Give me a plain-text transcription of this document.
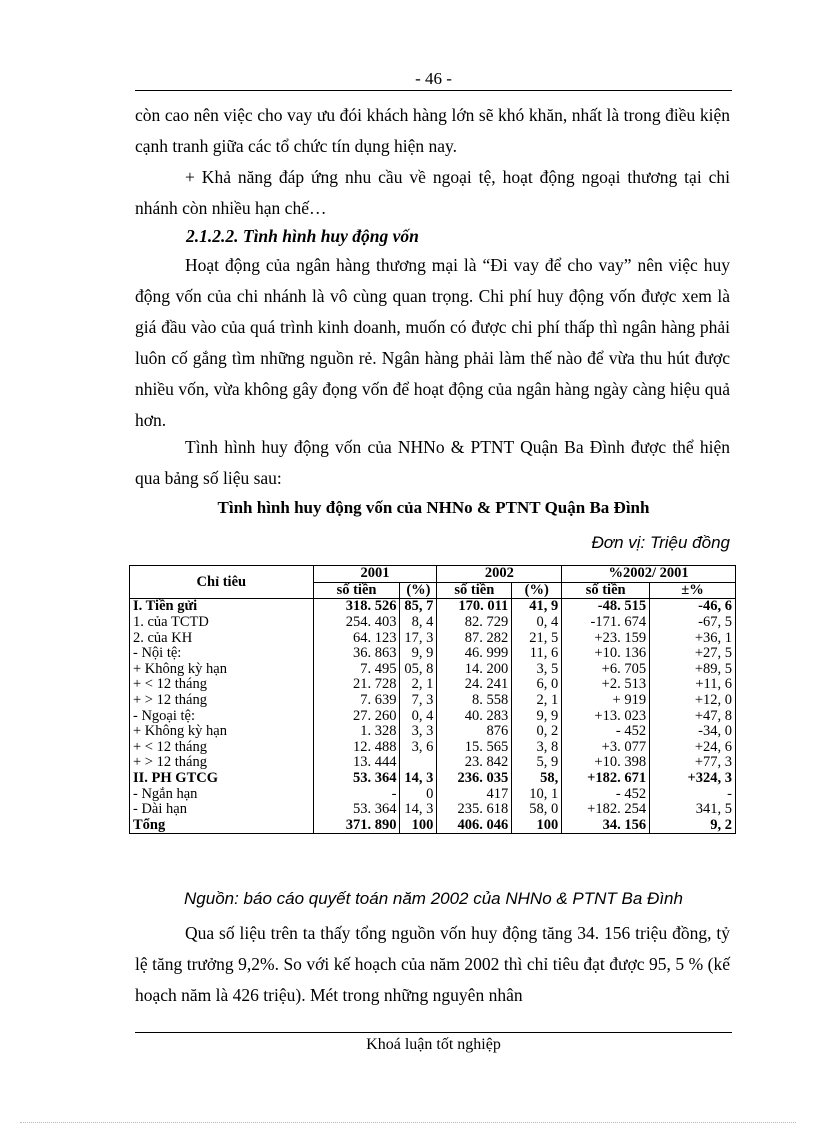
- 46 -

còn cao nên việc cho vay ưu đói khách hàng lớn sẽ khó khăn, nhất là trong điều kiện cạnh tranh giữa các tổ chức tín dụng hiện nay.

+ Khả năng đáp ứng nhu cầu về ngoại tệ, hoạt động ngoại thương tại chi nhánh còn nhiều hạn chế…

2.1.2.2. Tình hình huy động vốn

Hoạt động của ngân hàng thương mại là “Đi vay để cho vay” nên việc huy động vốn của chi nhánh là vô cùng quan trọng. Chi phí huy động vốn được xem là giá đầu vào của quá trình kinh doanh, muốn có được chi phí thấp thì ngân hàng phải luôn cố gắng tìm những nguồn rẻ. Ngân hàng phải làm thế nào để vừa thu hút được nhiều vốn, vừa không gây đọng vốn để hoạt động của ngân hàng ngày càng hiệu quả hơn.

Tình hình huy động vốn của NHNo & PTNT Quận Ba Đình được thể hiện qua bảng số liệu sau:

Tình hình huy động vốn của NHNo & PTNT Quận Ba Đình
Đơn vị: Triệu đồng
Chỉ tiêu	2001		2002		%2002/ 2001	
	số tiền	(%)	số tiền	(%)	số tiền	±%
I. Tiền gửi	318. 526	85, 7	170. 011	41, 9	-48. 515	-46, 6
1. của TCTD	254. 403	8, 4	82. 729	0, 4	-171. 674	-67, 5
2. của KH	64. 123	17, 3	87. 282	21, 5	+23. 159	+36, 1
- Nội tệ:	36. 863	9, 9	46. 999	11, 6	+10. 136	+27, 5
+ Không kỳ hạn	7. 495	05, 8	14. 200	3, 5	+6. 705	+89, 5
+ < 12 tháng	21. 728	2, 1	24. 241	6, 0	+2. 513	+11, 6
+ > 12 tháng	7. 639	7, 3	8. 558	2, 1	+ 919	+12, 0
- Ngoại tệ:	27. 260	0, 4	40. 283	9, 9	+13. 023	+47, 8
+ Không kỳ hạn	1. 328	3, 3	876	0, 2	- 452	-34, 0
+ < 12 tháng	12. 488	3, 6	15. 565	3, 8	+3. 077	+24, 6
+ > 12 tháng	13. 444		23. 842	5, 9	+10. 398	+77, 3
II. PH GTCG	53. 364	14, 3	236. 035	58,	+182. 671	+324, 3
- Ngắn hạn	-	0	417	10, 1	- 452	-
- Dài hạn	53. 364	14, 3	235. 618	58, 0	+182. 254	341, 5
Tổng	371. 890	100	406. 046	100	34. 156	9, 2
Nguồn: báo cáo quyết toán năm 2002 của NHNo & PTNT Ba Đình

Qua số liệu trên ta thấy tổng nguồn vốn huy động tăng 34. 156 triệu đồng, tỷ lệ tăng trưởng 9,2%. So với kế hoạch của năm 2002 thì chỉ tiêu đạt được 95, 5 % (kế hoạch năm là 426 triệu). Mét trong những nguyên nhân

Khoá luận tốt nghiệp
